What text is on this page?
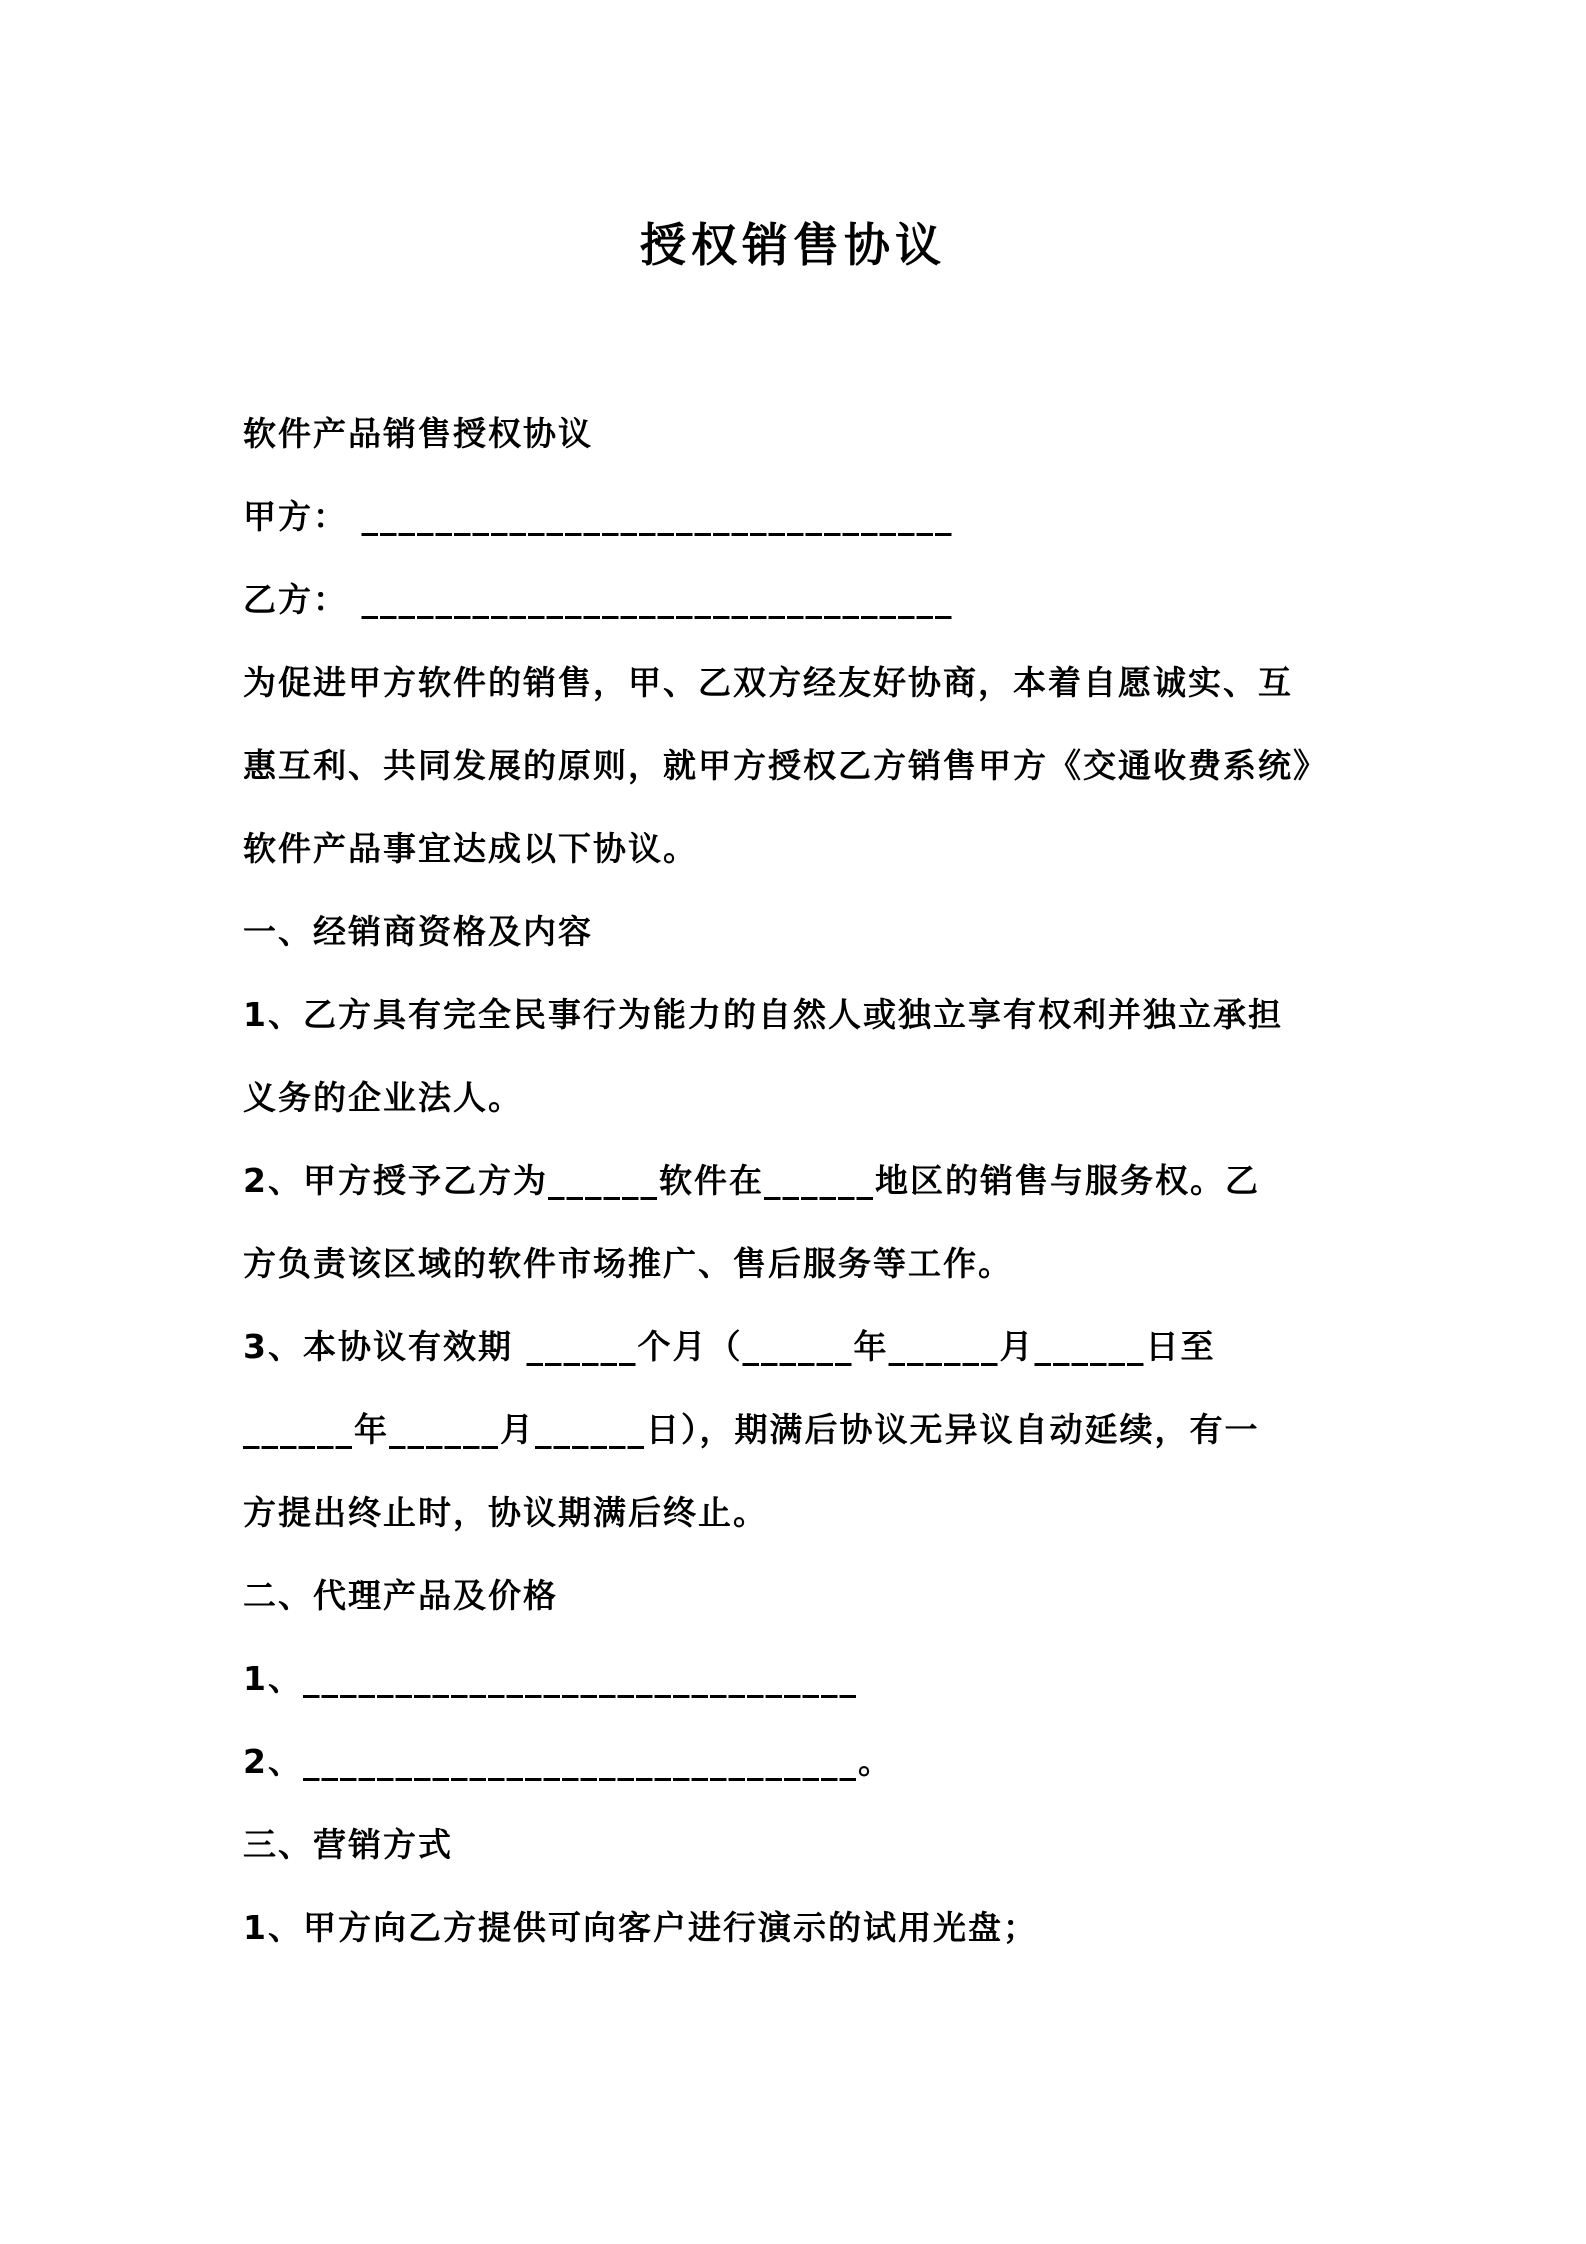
授权销售协议
软件产品销售授权协议
甲方： ________________________________
乙方： ________________________________
为促进甲方软件的销售，甲、乙双方经友好协商，本着自愿诚实、互
惠互利、共同发展的原则，就甲方授权乙方销售甲方《交通收费系统》
软件产品事宜达成以下协议。
一、经销商资格及内容
1、乙方具有完全民事行为能力的自然人或独立享有权利并独立承担
义务的企业法人。
2、甲方授予乙方为______软件在______地区的销售与服务权。乙
方负责该区域的软件市场推广、售后服务等工作。
3、本协议有效期 ______个月（______年______月______日至
______年______月______日），期满后协议无异议自动延续，有一
方提出终止时，协议期满后终止。
二、代理产品及价格
1、______________________________
2、______________________________。
三、营销方式
1、甲方向乙方提供可向客户进行演示的试用光盘；
